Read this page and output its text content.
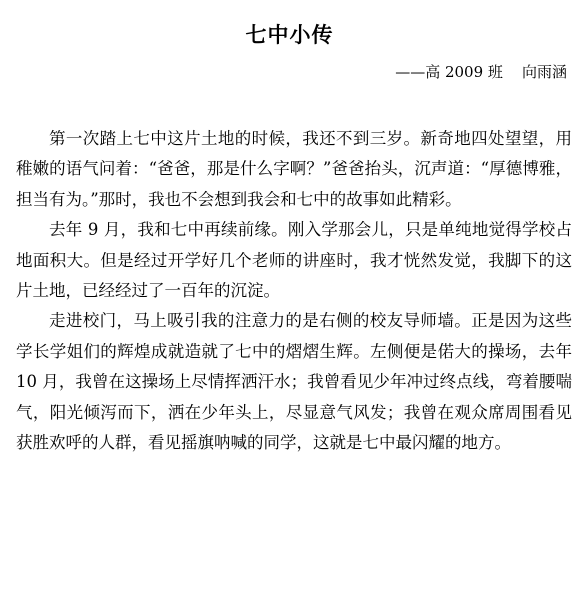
七中小传
——高 2009 班    向雨涵

第一次踏上七中这片土地的时候，我还不到三岁。新奇地四处望望，用稚嫩的语气问着：“爸爸，那是什么字啊？”爸爸抬头，沉声道：“厚德博雅，担当有为。”那时，我也不会想到我会和七中的故事如此精彩。

去年 9 月，我和七中再续前缘。刚入学那会儿，只是单纯地觉得学校占地面积大。但是经过开学好几个老师的讲座时，我才恍然发觉，我脚下的这片土地，已经经过了一百年的沉淀。

走进校门，马上吸引我的注意力的是右侧的校友导师墙。正是因为这些学长学姐们的辉煌成就造就了七中的熠熠生辉。左侧便是偌大的操场，去年 10 月，我曾在这操场上尽情挥洒汗水；我曾看见少年冲过终点线，弯着腰喘气，阳光倾泻而下，洒在少年头上，尽显意气风发；我曾在观众席周围看见获胜欢呼的人群，看见摇旗呐喊的同学，这就是七中最闪耀的地方。
